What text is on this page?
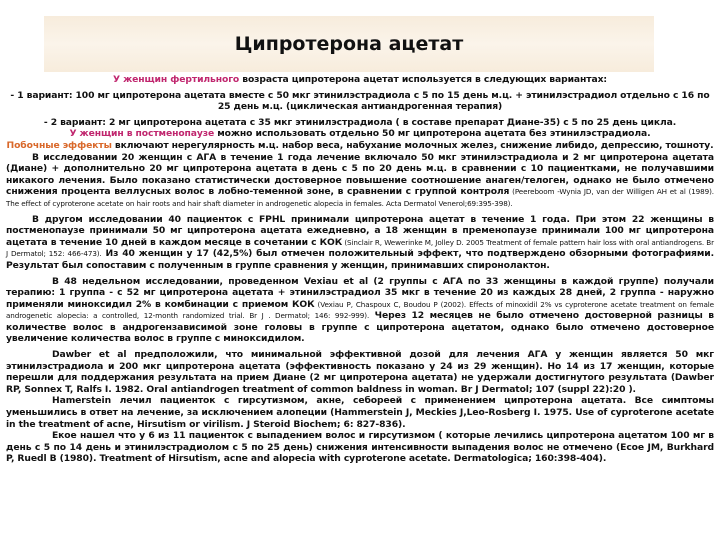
Ципротерона ацетат

У женщин фертильного возраста ципротерона ацетат используется в следующих вариантах:

- 1 вариант: 100 мг ципротерона ацетата вместе с 50 мкг этинилэстрадиола с 5 по 15 день м.ц. + этинилэстрадиол отдельно с 16 по 25 день м.ц. (циклическая антиандрогенная терапия)

- 2 вариант: 2 мг ципротерона ацетата с 35 мкг этинилэстрадиола ( в составе препарат Диане-35) с 5 по 25 день цикла.

У женщин в постменопаузе можно использовать отдельно 50 мг ципротерона ацетата без этинилэстрадиола.

Побочные эффекты включают нерегулярность м.ц. набор веса, набухание молочных желез, снижение либидо, депрессию, тошноту.

В исследовании 20 женщин с АГА в течение 1 года лечение включало 50 мкг этинилэстрадиола и 2 мг ципротерона ацетата (Диане) + дополнительно 20 мг ципротерона ацетата в день с 5 по 20 день м.ц. в сравнении с 10 пациентками, не получавшими никакого лечения. Было показано статистически достоверное повышение соотношение анаген/телоген, однако не было отмечено снижения процента веллусных волос в лобно-теменной зоне, в сравнении с группой контроля (Peereboom -Wynia JD, van der Willigen AH et al (1989). The effect of cyproterone acetate on hair roots and hair shaft diameter in androgenetic alopecia in females. Acta Dermatol Venerol;69:395-398).

В другом исследовании 40 пациенток с FPHL принимали ципротерона ацетат в течение 1 года. При этом 22 женщины в постменопаузе принимали 50 мг ципротерона ацетата ежедневно, а 18 женщин в пременопаузе принимали 100 мг ципротерона ацетата в течение 10 дней в каждом месяце в сочетании с КОК (Sinclair R, Wewerinke M, Jolley D. 2005 Treatment of female pattern hair loss with oral antiandrogens. Br J Dermatol; 152: 466-473). Из 40 женщин у 17 (42,5%) был отмечен положительный эффект, что подтверждено обзорными фотографиями. Результат был сопоставим с полученным в группе сравнения у женщин, принимавших спиронолактон.

В 48 недельном исследовании, проведенном Vexiau et al (2 группы с АГА по 33 женщины в каждой группе) получали терапию: 1 группа - с 52 мг ципротерона ацетата + этинилэстрадиол 35 мкг в течение 20 из каждых 28 дней, 2 группа - наружно применяли миноксидил 2% в комбинации с приемом КОК (Vexiau P, Chaspoux C, Boudou P (2002). Effects of minoxidil 2% vs cyproterone acetate treatment on female androgenetic alopecia: a controlled, 12-month randomized trial. Br J . Dermatol; 146: 992-999). Через 12 месяцев не было отмечено достоверной разницы в количестве волос в андрогензависимой зоне головы в группе с ципротерона ацетатом, однако было отмечено достоверное увеличение количества волос в группе с миноксидилом.

Dawber et al предположили, что минимальной эффективной дозой для лечения АГА у женщин является 50 мкг этинилэстрадиола и 200 мкг ципротерона ацетата (эффективность показано у 24 из 29 женщин). Но 14 из 17 женщин, которые перешли для поддержания результата на прием Диане (2 мг ципротерона ацетата) не удержали достигнутого результата (Dawber RP, Sonnex T, Ralfs I. 1982. Oral antiandrogen treatment of common baldness in woman. Br J Dermatol; 107 (suppl 22):20 ).

Hamerstein лечил пациенток с гирсутизмом, акне, себореей с применением ципротерона ацетата. Все симптомы уменьшились в ответ на лечение, за исключением алопеции (Hammerstein J, Meckies J,Leo-Rosberg I. 1975. Use of cyproterone acetate in the treatment of acne, Hirsutism or virilism. J Steroid Biochem; 6: 827-836).

Екое нашел что у 6 из 11 пациенток с выпадением волос и гирсутизмом ( которые лечились ципротерона ацетатом 100 мг в день с 5 по 14 день и этинилэстрадиолом с 5 по 25 день) снижения интенсивности выпадения волос не отмечено (Ecoe JM, Burkhard P, Ruedl B (1980). Treatment of Hirsutism, acne and alopecia with cyproterone acetate. Dermatologica; 160:398-404).
